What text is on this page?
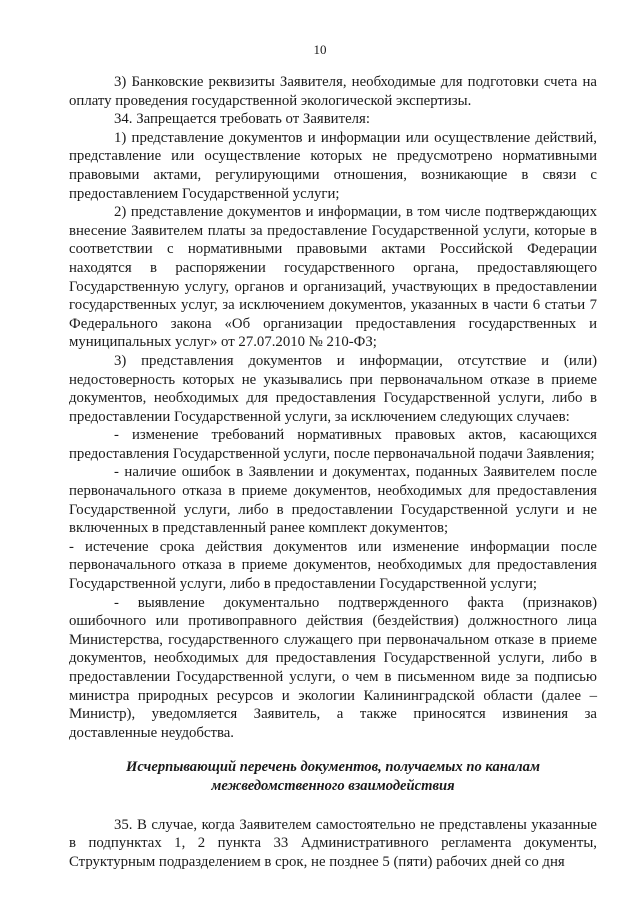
10

3) Банковские реквизиты Заявителя, необходимые для подготовки счета на оплату проведения государственной экологической экспертизы.

34. Запрещается требовать от Заявителя:

1) представление документов и информации или осуществление действий, представление или осуществление которых не предусмотрено нормативными правовыми актами, регулирующими отношения, возникающие в связи с предоставлением Государственной услуги;

2) представление документов и информации, в том числе подтверждающих внесение Заявителем платы за предоставление Государственной услуги, которые в соответствии с нормативными правовыми актами Российской Федерации находятся в распоряжении государственного органа, предоставляющего Государственную услугу, органов и организаций, участвующих в предоставлении государственных услуг, за исключением документов, указанных в части 6 статьи 7 Федерального закона «Об организации предоставления государственных и муниципальных услуг» от 27.07.2010 № 210-ФЗ;

3) представления документов и информации, отсутствие и (или) недостоверность которых не указывались при первоначальном отказе в приеме документов, необходимых для предоставления Государственной услуги, либо в предоставлении Государственной услуги, за исключением следующих случаев:

- изменение требований нормативных правовых актов, касающихся предоставления Государственной услуги, после первоначальной подачи Заявления;

- наличие ошибок в Заявлении и документах, поданных Заявителем после первоначального отказа в приеме документов, необходимых для предоставления Государственной услуги, либо в предоставлении Государственной услуги и не включенных в представленный ранее комплект документов;

- истечение срока действия документов или изменение информации после первоначального отказа в приеме документов, необходимых для предоставления Государственной услуги, либо в предоставлении Государственной услуги;

- выявление документально подтвержденного факта (признаков) ошибочного или противоправного действия (бездействия) должностного лица Министерства, государственного служащего при первоначальном отказе в приеме документов, необходимых для предоставления Государственной услуги, либо в предоставлении Государственной услуги, о чем в письменном виде за подписью министра природных ресурсов и экологии Калининградской области (далее – Министр), уведомляется Заявитель, а также приносятся извинения за доставленные неудобства.

Исчерпывающий перечень документов, получаемых по каналам
межведомственного взаимодействия

35. В случае, когда Заявителем самостоятельно не представлены указанные в подпунктах 1, 2 пункта 33 Административного регламента документы, Структурным подразделением в срок, не позднее 5 (пяти) рабочих дней со дня
